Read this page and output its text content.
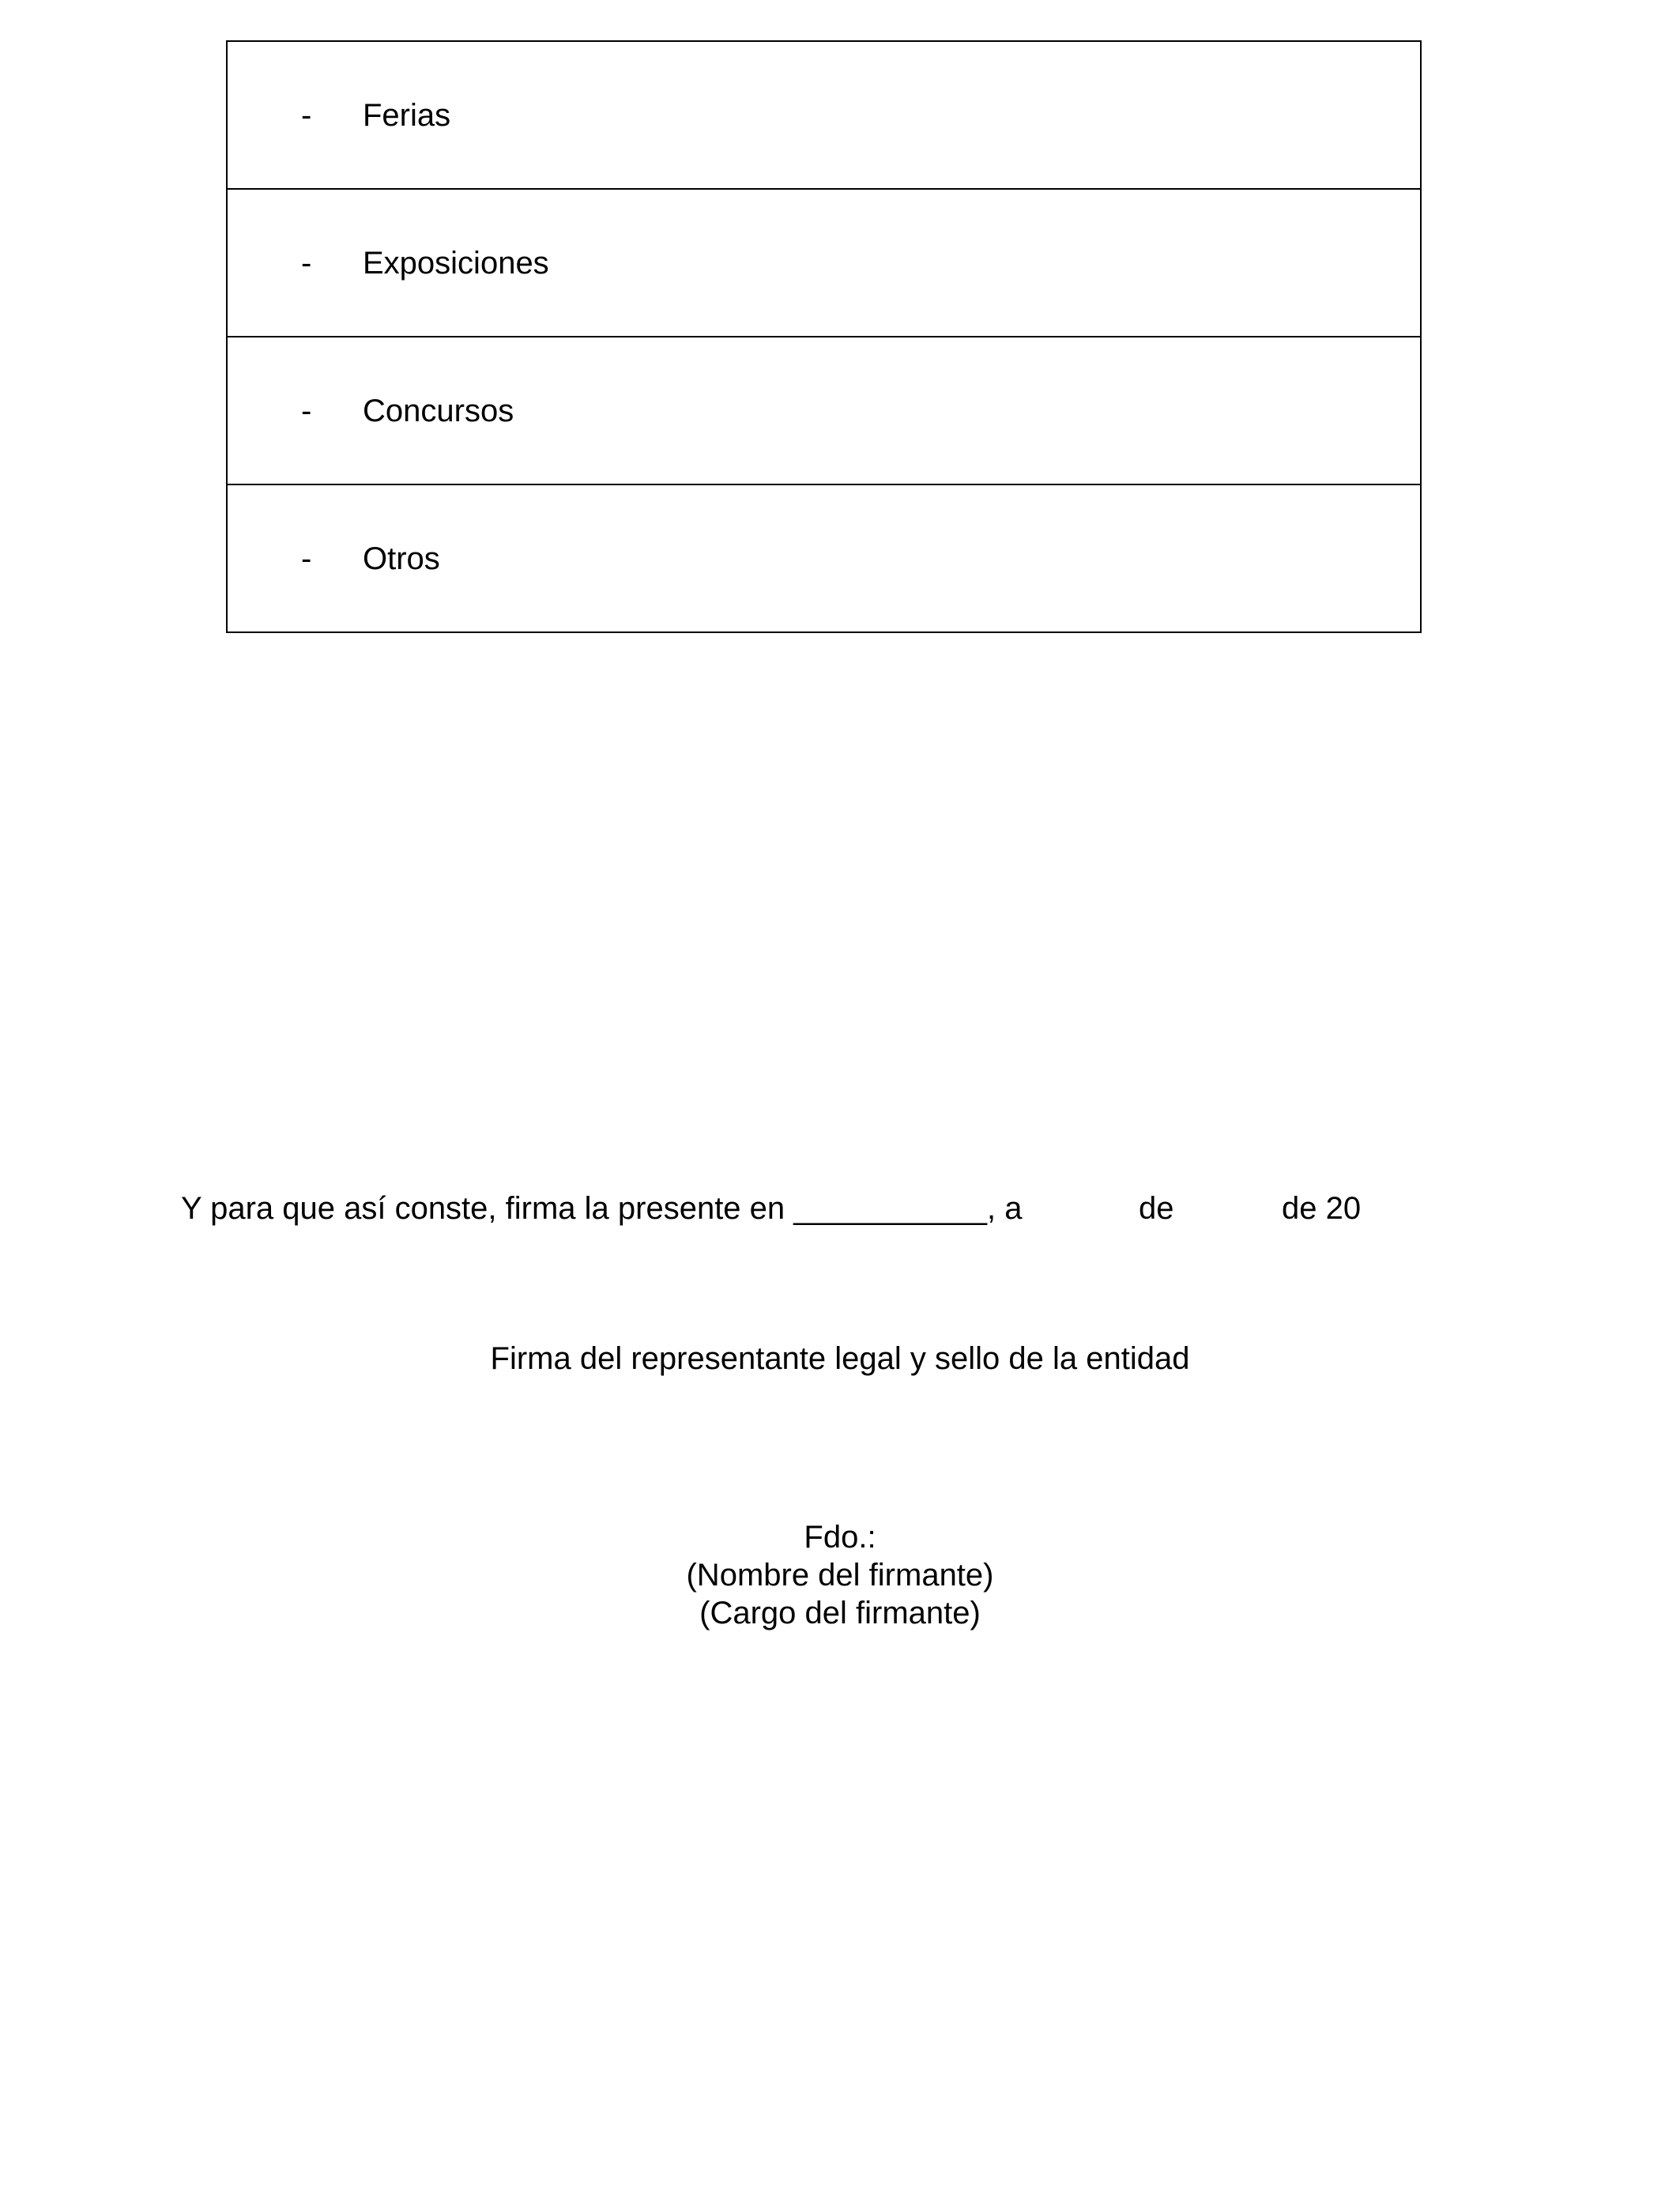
- Ferias
- Exposiciones
- Concursos
- Otros
Y para que así conste, firma la presente en ___________, a	de	de 20
Firma del representante legal y sello de la entidad
Fdo.:
(Nombre del firmante)
(Cargo del firmante)
